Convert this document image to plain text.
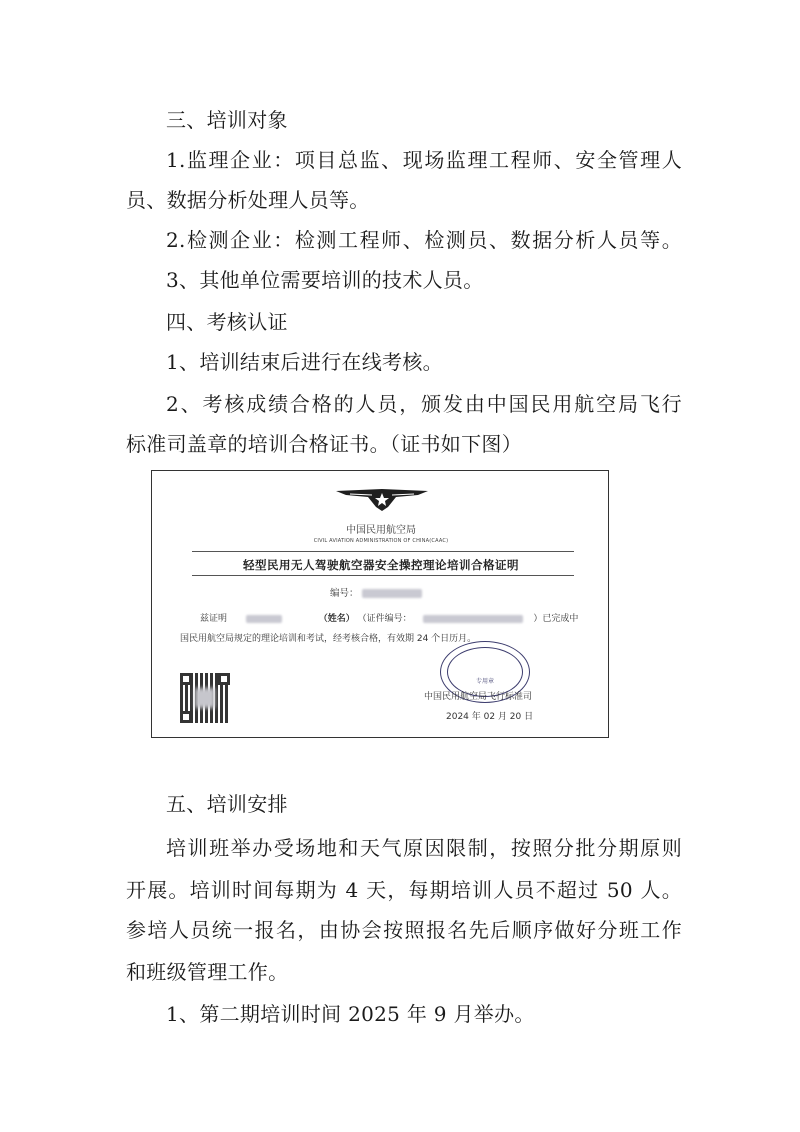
三、培训对象
1.监理企业：项目总监、现场监理工程师、安全管理人
员、数据分析处理人员等。
2.检测企业：检测工程师、检测员、数据分析人员等。
3、其他单位需要培训的技术人员。
四、考核认证
1、培训结束后进行在线考核。
2、考核成绩合格的人员，颁发由中国民用航空局飞行
标准司盖章的培训合格证书。（证书如下图）
中国民用航空局
CIVIL AVIATION ADMINISTRATION OF CHINA(CAAC)
轻型民用无人驾驶航空器安全操控理论培训合格证明
编号：
兹证明	（姓名） （证件编号：	）已完成中
国民用航空局规定的理论培训和考试，经考核合格，有效期 24 个日历月。
专用章
中国民用航空局飞行标准司
2024 年 02 月 20 日
五、培训安排
培训班举办受场地和天气原因限制，按照分批分期原则
开展。培训时间每期为 4 天，每期培训人员不超过 50 人。
参培人员统一报名，由协会按照报名先后顺序做好分班工作
和班级管理工作。
1、第二期培训时间 2025 年 9 月举办。
